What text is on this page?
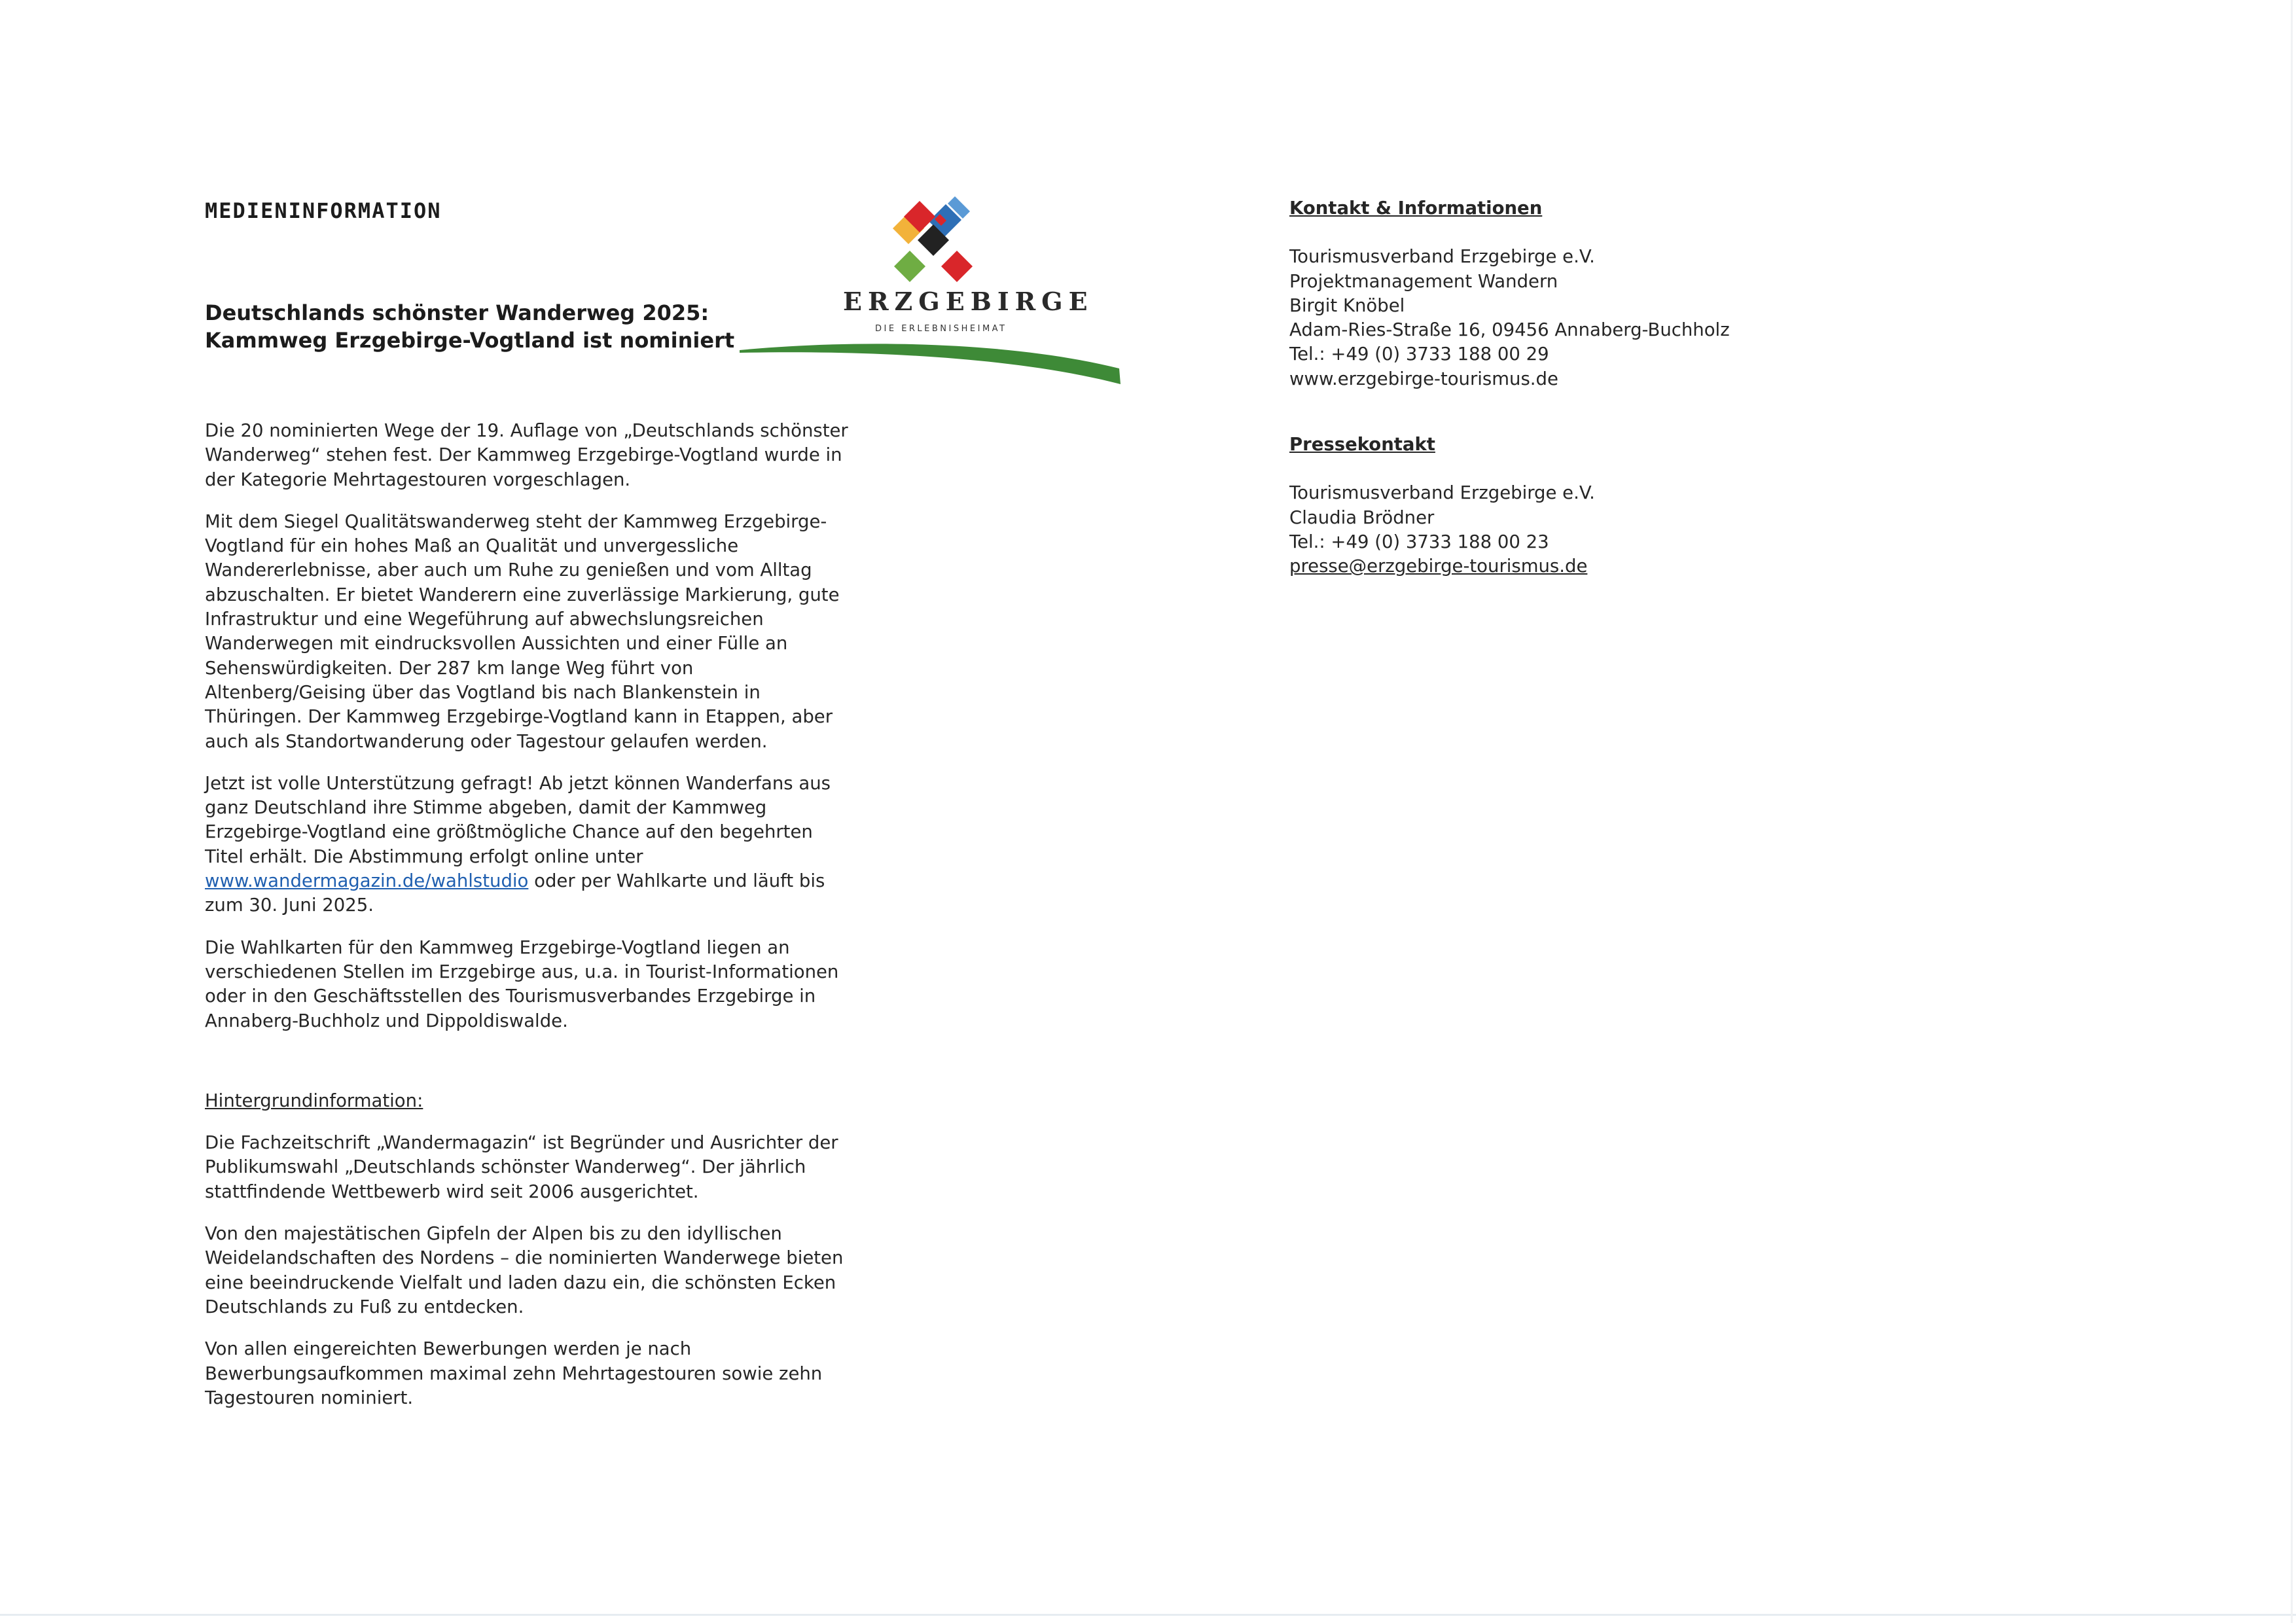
MEDIENINFORMATION
Deutschlands schönster Wanderweg 2025:
Kammweg Erzgebirge-Vogtland ist nominiert
ERZGEBIRGE
DIE ERLEBNISHEIMAT

Die 20 nominierten Wege der 19. Auflage von „Deutschlands schönster
Wanderweg“ stehen fest. Der Kammweg Erzgebirge-Vogtland wurde in
der Kategorie Mehrtagestouren vorgeschlagen.

Mit dem Siegel Qualitätswanderweg steht der Kammweg Erzgebirge-
Vogtland für ein hohes Maß an Qualität und unvergessliche
Wandererlebnisse, aber auch um Ruhe zu genießen und vom Alltag
abzuschalten. Er bietet Wanderern eine zuverlässige Markierung, gute
Infrastruktur und eine Wegeführung auf abwechslungsreichen
Wanderwegen mit eindrucksvollen Aussichten und einer Fülle an
Sehenswürdigkeiten. Der 287 km lange Weg führt von
Altenberg/Geising über das Vogtland bis nach Blankenstein in
Thüringen. Der Kammweg Erzgebirge-Vogtland kann in Etappen, aber
auch als Standortwanderung oder Tagestour gelaufen werden.

Jetzt ist volle Unterstützung gefragt! Ab jetzt können Wanderfans aus
ganz Deutschland ihre Stimme abgeben, damit der Kammweg
Erzgebirge-Vogtland eine größtmögliche Chance auf den begehrten
Titel erhält. Die Abstimmung erfolgt online unter
www.wandermagazin.de/wahlstudio oder per Wahlkarte und läuft bis
zum 30. Juni 2025.

Die Wahlkarten für den Kammweg Erzgebirge-Vogtland liegen an
verschiedenen Stellen im Erzgebirge aus, u.a. in Tourist-Informationen
oder in den Geschäftsstellen des Tourismusverbandes Erzgebirge in
Annaberg-Buchholz und Dippoldiswalde.

Hintergrundinformation:

Die Fachzeitschrift „Wandermagazin“ ist Begründer und Ausrichter der
Publikumswahl „Deutschlands schönster Wanderweg“. Der jährlich
stattfindende Wettbewerb wird seit 2006 ausgerichtet.

Von den majestätischen Gipfeln der Alpen bis zu den idyllischen
Weidelandschaften des Nordens – die nominierten Wanderwege bieten
eine beeindruckende Vielfalt und laden dazu ein, die schönsten Ecken
Deutschlands zu Fuß zu entdecken.

Von allen eingereichten Bewerbungen werden je nach
Bewerbungsaufkommen maximal zehn Mehrtagestouren sowie zehn
Tagestouren nominiert.

Kontakt & Informationen
Tourismusverband Erzgebirge e.V.
Projektmanagement Wandern
Birgit Knöbel
Adam-Ries-Straße 16, 09456 Annaberg-Buchholz
Tel.: +49 (0) 3733 188 00 29
www.erzgebirge-tourismus.de
Pressekontakt
Tourismusverband Erzgebirge e.V.
Claudia Brödner
Tel.: +49 (0) 3733 188 00 23
presse@erzgebirge-tourismus.de
